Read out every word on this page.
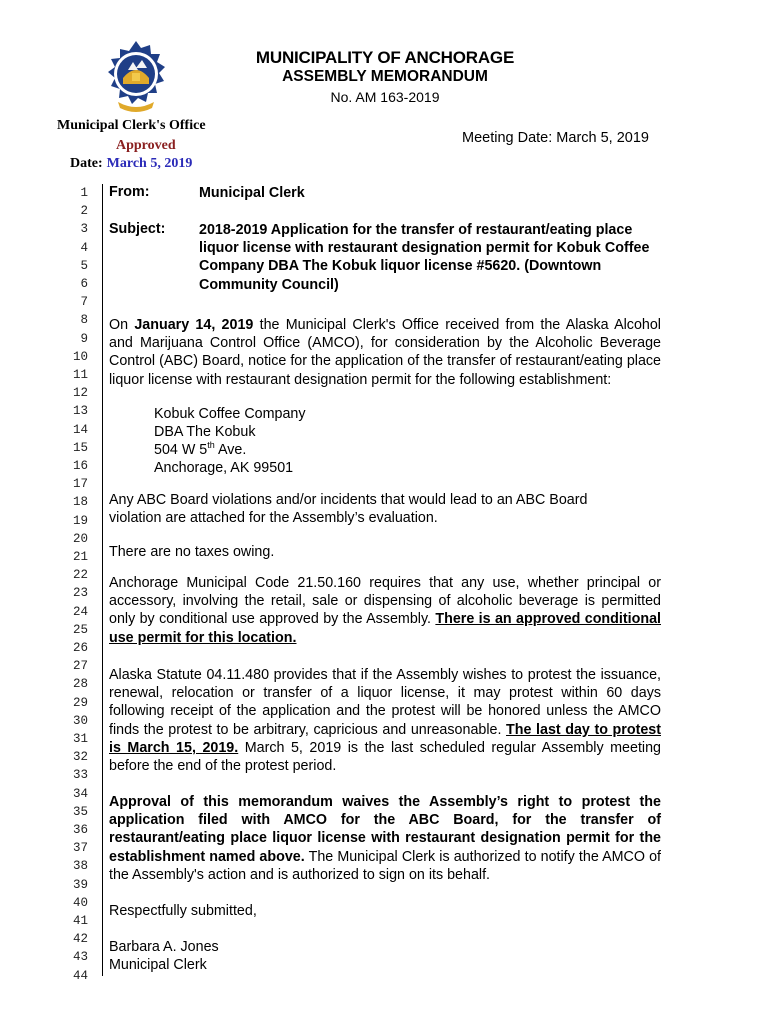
MUNICIPALITY OF ANCHORAGE
ASSEMBLY MEMORANDUM
No. AM 163-2019
Municipal Clerk's Office
Approved
Date: March 5, 2019
Meeting Date: March 5, 2019
1
2
3
4
5
6
7
8
9
10
11
12
13
14
15
16
17
18
19
20
21
22
23
24
25
26
27
28
29
30
31
32
33
34
35
36
37
38
39
40
41
42
43
44
From:	Municipal Clerk
Subject: 2018-2019 Application for the transfer of restaurant/eating place liquor license with restaurant designation permit for Kobuk Coffee Company DBA The Kobuk liquor license #5620. (Downtown Community Council)
On January 14, 2019 the Municipal Clerk's Office received from the Alaska Alcohol and Marijuana Control Office (AMCO), for consideration by the Alcoholic Beverage Control (ABC) Board, notice for the application of the transfer of restaurant/eating place liquor license with restaurant designation permit for the following establishment:
Kobuk Coffee Company
DBA The Kobuk
504 W 5th Ave.
Anchorage, AK 99501
Any ABC Board violations and/or incidents that would lead to an ABC Board violation are attached for the Assembly’s evaluation.
There are no taxes owing.
Anchorage Municipal Code 21.50.160 requires that any use, whether principal or accessory, involving the retail, sale or dispensing of alcoholic beverage is permitted only by conditional use approved by the Assembly. There is an approved conditional use permit for this location.
Alaska Statute 04.11.480 provides that if the Assembly wishes to protest the issuance, renewal, relocation or transfer of a liquor license, it may protest within 60 days following receipt of the application and the protest will be honored unless the AMCO finds the protest to be arbitrary, capricious and unreasonable. The last day to protest is March 15, 2019. March 5, 2019 is the last scheduled regular Assembly meeting before the end of the protest period.
Approval of this memorandum waives the Assembly’s right to protest the application filed with AMCO for the ABC Board, for the transfer of restaurant/eating place liquor license with restaurant designation permit for the establishment named above. The Municipal Clerk is authorized to notify the AMCO of the Assembly's action and is authorized to sign on its behalf.
Respectfully submitted,
Barbara A. Jones
Municipal Clerk
